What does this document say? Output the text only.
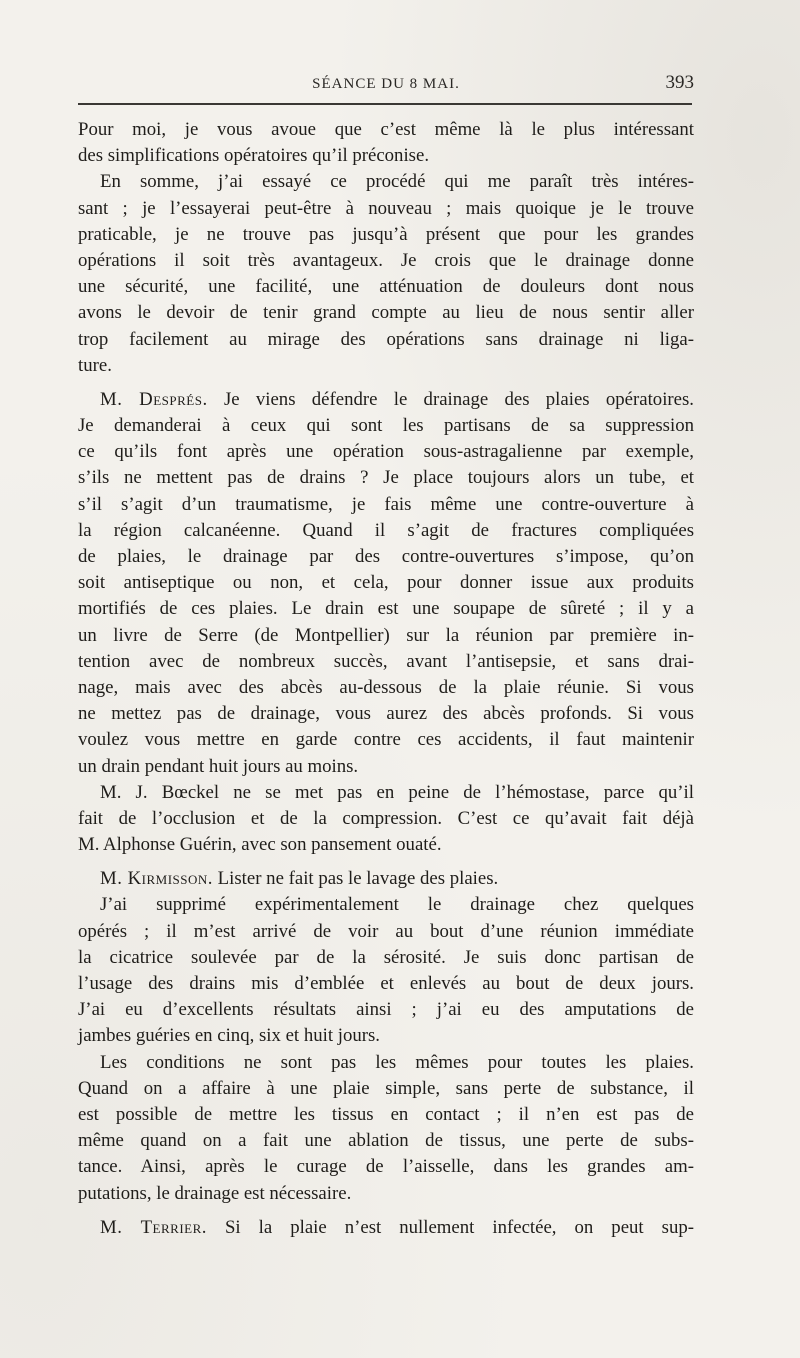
SÉANCE DU 8 MAI.	393
Pour moi, je vous avoue que c’est même là le plus intéressant
des simplifications opératoires qu’il préconise.
En somme, j’ai essayé ce procédé qui me paraît très intéres-
sant ; je l’essayerai peut-être à nouveau ; mais quoique je le trouve
praticable, je ne trouve pas jusqu’à présent que pour les grandes
opérations il soit très avantageux. Je crois que le drainage donne
une sécurité, une facilité, une atténuation de douleurs dont nous
avons le devoir de tenir grand compte au lieu de nous sentir aller
trop facilement au mirage des opérations sans drainage ni liga-
ture.
M. Després. Je viens défendre le drainage des plaies opératoires.
Je demanderai à ceux qui sont les partisans de sa suppression
ce qu’ils font après une opération sous-astragalienne par exemple,
s’ils ne mettent pas de drains ? Je place toujours alors un tube, et
s’il s’agit d’un traumatisme, je fais même une contre-ouverture à
la région calcanéenne. Quand il s’agit de fractures compliquées
de plaies, le drainage par des contre-ouvertures s’impose, qu’on
soit antiseptique ou non, et cela, pour donner issue aux produits
mortifiés de ces plaies. Le drain est une soupape de sûreté ; il y a
un livre de Serre (de Montpellier) sur la réunion par première in-
tention avec de nombreux succès, avant l’antisepsie, et sans drai-
nage, mais avec des abcès au-dessous de la plaie réunie. Si vous
ne mettez pas de drainage, vous aurez des abcès profonds. Si vous
voulez vous mettre en garde contre ces accidents, il faut maintenir
un drain pendant huit jours au moins.
M. J. Bœckel ne se met pas en peine de l’hémostase, parce qu’il
fait de l’occlusion et de la compression. C’est ce qu’avait fait déjà
M. Alphonse Guérin, avec son pansement ouaté.
M. Kirmisson. Lister ne fait pas le lavage des plaies.
J’ai supprimé expérimentalement le drainage chez quelques
opérés ; il m’est arrivé de voir au bout d’une réunion immédiate
la cicatrice soulevée par de la sérosité. Je suis donc partisan de
l’usage des drains mis d’emblée et enlevés au bout de deux jours.
J’ai eu d’excellents résultats ainsi ; j’ai eu des amputations de
jambes guéries en cinq, six et huit jours.
Les conditions ne sont pas les mêmes pour toutes les plaies.
Quand on a affaire à une plaie simple, sans perte de substance, il
est possible de mettre les tissus en contact ; il n’en est pas de
même quand on a fait une ablation de tissus, une perte de subs-
tance. Ainsi, après le curage de l’aisselle, dans les grandes am-
putations, le drainage est nécessaire.
M. Terrier. Si la plaie n’est nullement infectée, on peut sup-
